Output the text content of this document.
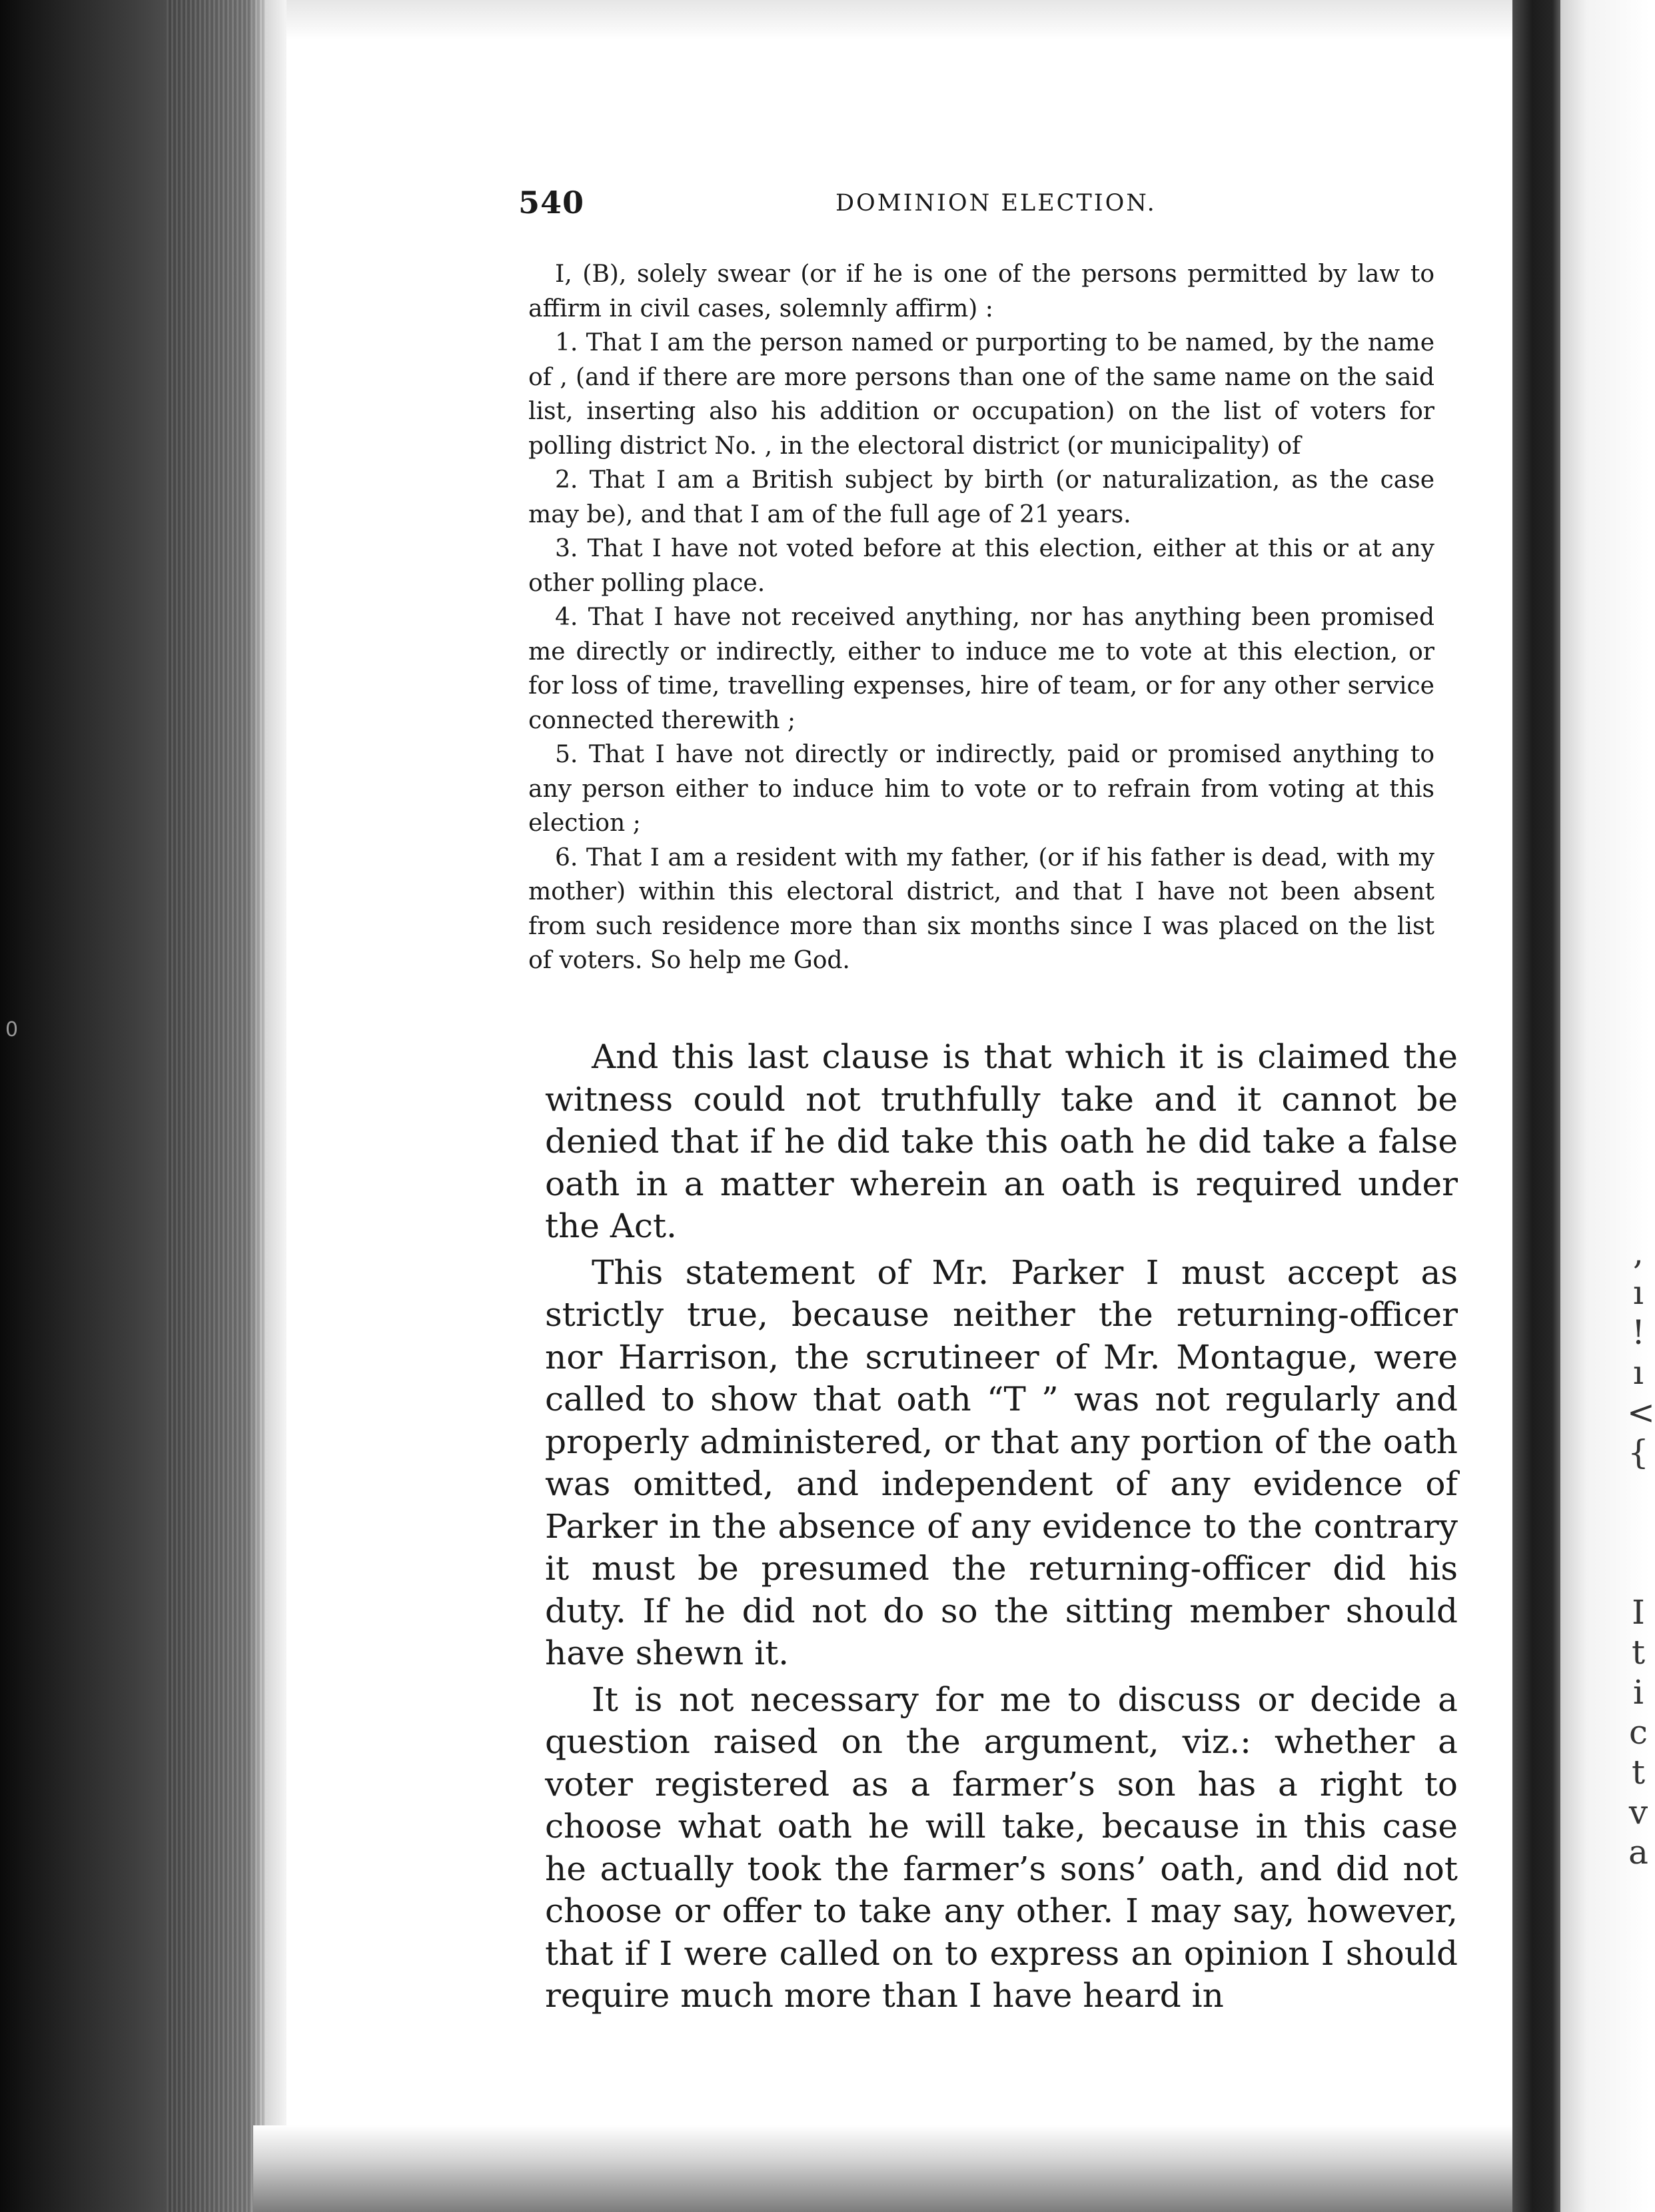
0
,
ı
!
ı
<
{
I
t
i
c
t
v
a
540	DOMINION ELECTION.

I, (B), solely swear (or if he is one of the persons permitted by law to affirm in civil cases, solemnly affirm) :

1. That I am the person named or purporting to be named, by the name of , (and if there are more persons than one of the same name on the said list, inserting also his addition or occupation) on the list of voters for polling district No. , in the electoral district (or municipality) of

2. That I am a British subject by birth (or naturalization, as the case may be), and that I am of the full age of 21 years.

3. That I have not voted before at this election, either at this or at any other polling place.

4. That I have not received anything, nor has anything been promised me directly or indirectly, either to induce me to vote at this election, or for loss of time, travelling expenses, hire of team, or for any other service connected therewith ;

5. That I have not directly or indirectly, paid or promised anything to any person either to induce him to vote or to refrain from voting at this election ;

6. That I am a resident with my father, (or if his father is dead, with my mother) within this electoral district, and that I have not been absent from such residence more than six months since I was placed on the list of voters. So help me God.

And this last clause is that which it is claimed the witness could not truthfully take and it cannot be denied that if he did take this oath he did take a false oath in a matter wherein an oath is required under the Act.

This statement of Mr. Parker I must accept as strictly true, because neither the returning-officer nor Harrison, the scrutineer of Mr. Montague, were called to show that oath “T ” was not regularly and properly administered, or that any portion of the oath was omitted, and independent of any evidence of Parker in the absence of any evidence to the contrary it must be presumed the returning-officer did his duty. If he did not do so the sitting member should have shewn it.

It is not necessary for me to discuss or decide a question raised on the argument, viz.: whether a voter registered as a farmer’s son has a right to choose what oath he will take, because in this case he actually took the farmer’s sons’ oath, and did not choose or offer to take any other. I may say, however, that if I were called on to express an opinion I should require much more than I have heard in
